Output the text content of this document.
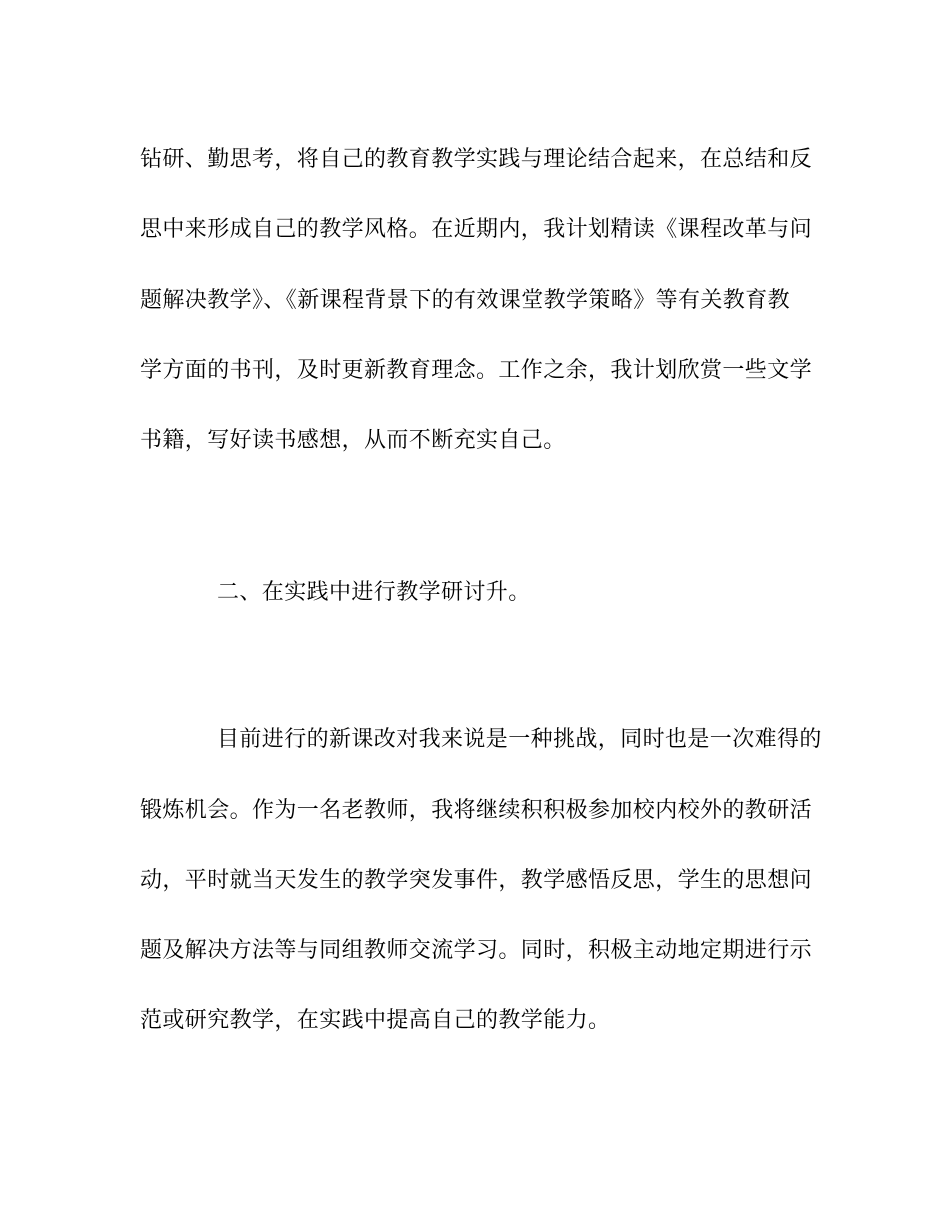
钻研、勤思考，将自己的教育教学实践与理论结合起来，在总结和反
思中来形成自己的教学风格。在近期内，我计划精读《课程改革与问
题解决教学》、《新课程背景下的有效课堂教学策略》等有关教育教
学方面的书刊，及时更新教育理念。工作之余，我计划欣赏一些文学
书籍，写好读书感想，从而不断充实自己。
二、在实践中进行教学研讨升。
目前进行的新课改对我来说是一种挑战，同时也是一次难得的
锻炼机会。作为一名老教师，我将继续积积极参加校内校外的教研活
动，平时就当天发生的教学突发事件，教学感悟反思，学生的思想问
题及解决方法等与同组教师交流学习。同时，积极主动地定期进行示
范或研究教学，在实践中提高自己的教学能力。
